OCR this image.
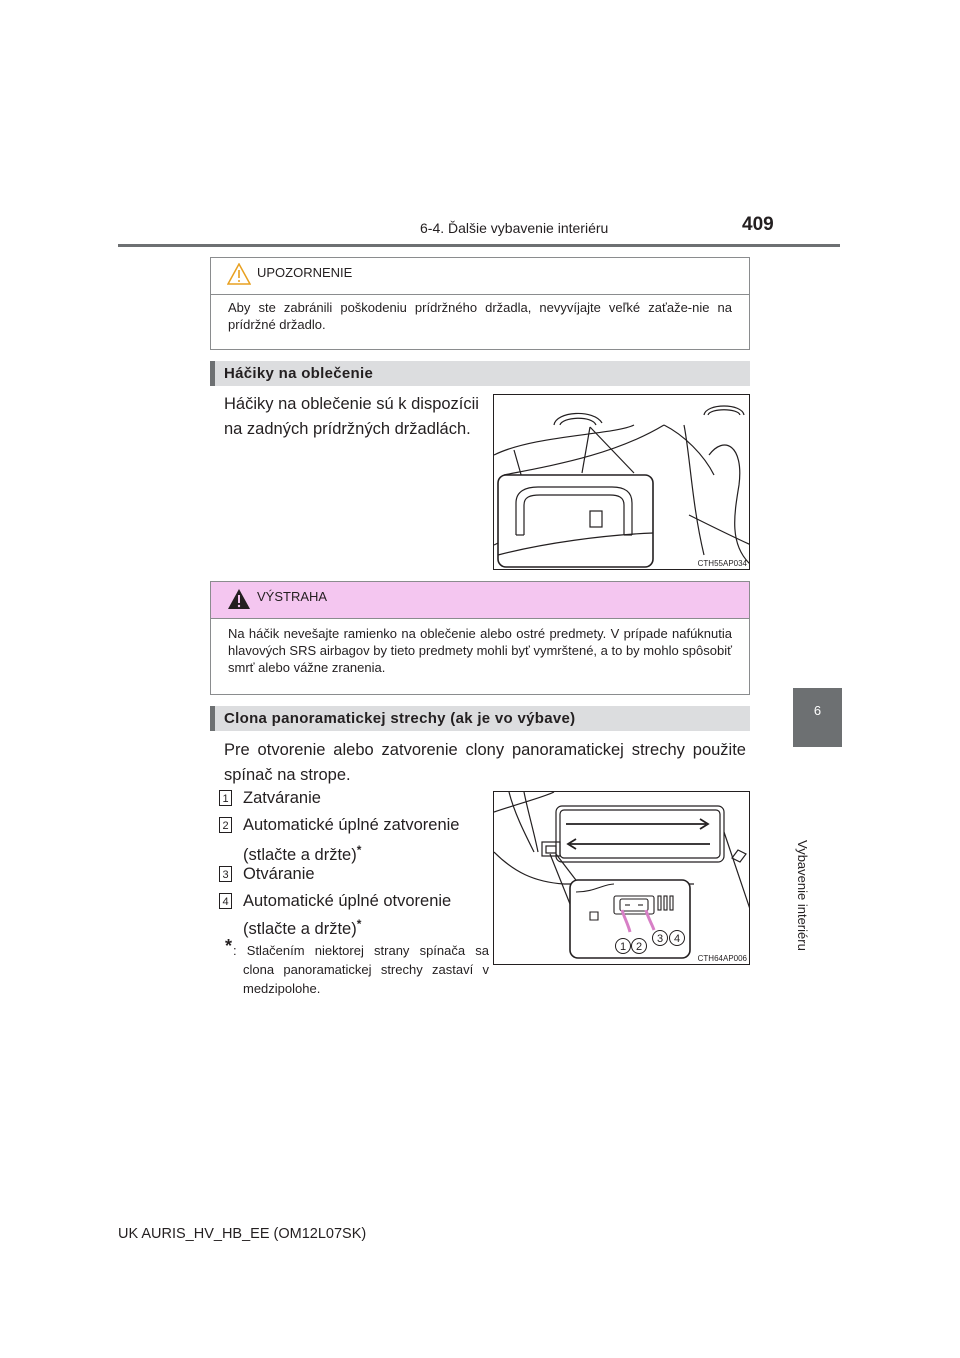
6-4. Ďalšie vybavenie interiéru	409
6
Vybavenie interiéru
UPOZORNENIE
Aby ste zabránili poškodeniu prídržného držadla, nevyvíjajte veľké zaťaže-nie na prídržné držadlo.
Háčiky na oblečenie
Háčiky na oblečenie sú k dispozícii na zadných prídržných držadlách.
CTH55AP034
VÝSTRAHA
Na háčik nevešajte ramienko na oblečenie alebo ostré predmety. V prípade nafúknutia hlavových SRS airbagov by tieto predmety mohli byť vymrštené, a to by mohlo spôsobiť smrť alebo vážne zranenia.
Clona panoramatickej strechy (ak je vo výbave)
Pre otvorenie alebo zatvorenie clony panoramatickej strechy použite spínač na strope.
1 Zatváranie
2 Automatické úplné zatvorenie
(stlačte a držte)*
3 Otváranie
4 Automatické úplné otvorenie
(stlačte a držte)*
* : Stlačením niektorej strany spínača sa clona panoramatickej strechy zastaví v medzipolohe.
1 2
3 4
CTH64AP006
UK AURIS_HV_HB_EE (OM12L07SK)
